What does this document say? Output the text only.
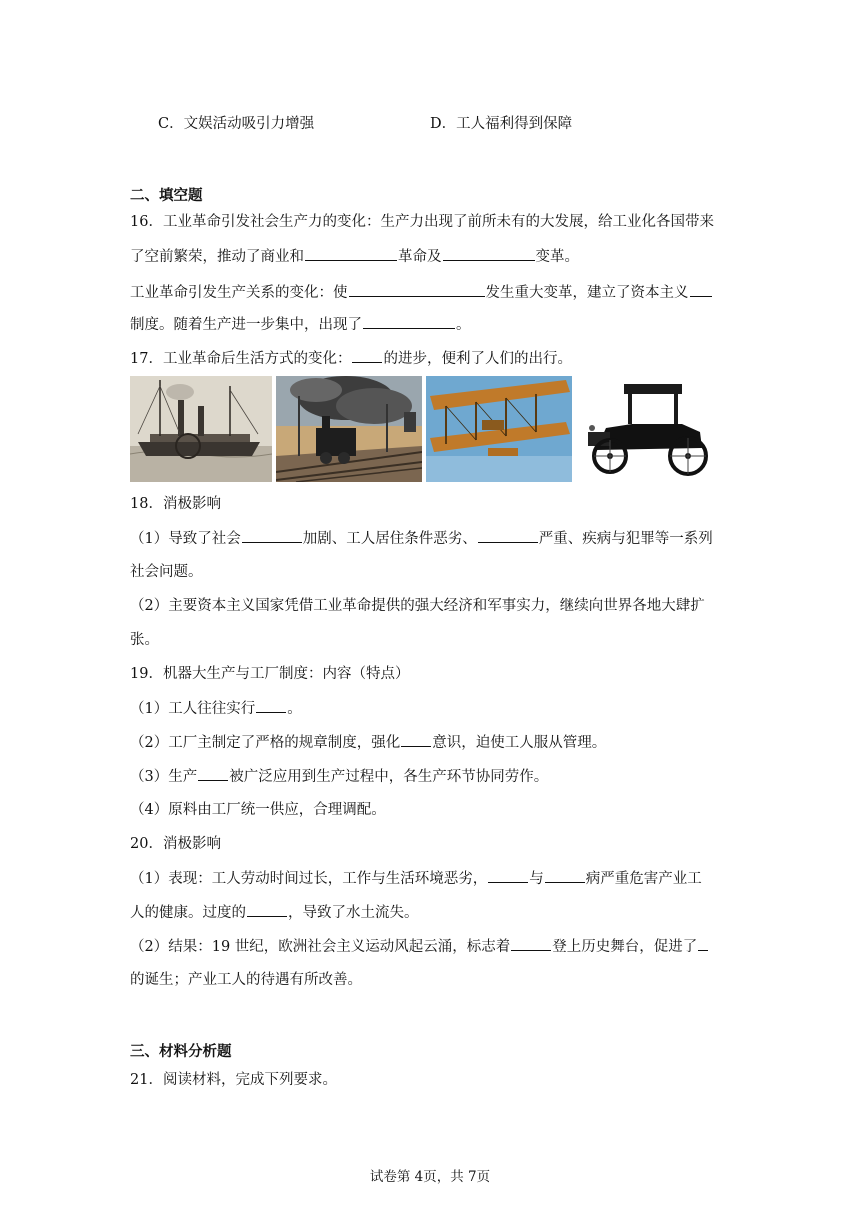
C．文娱活动吸引力增强	D．工人福利得到保障
二、填空题
16．工业革命引发社会生产力的变化：生产力出现了前所未有的大发展，给工业化各国带来
了空前繁荣，推动了商业和	革命及	变革。
工业革命引发生产关系的变化：使	发生重大变革，建立了资本主义
制度。随着生产进一步集中，出现了	。
17．工业革命后生活方式的变化： 的进步，便利了人们的出行。
18．消极影响
（1）导致了社会	加剧、工人居住条件恶劣、	严重、疾病与犯罪等一系列
社会问题。
（2）主要资本主义国家凭借工业革命提供的强大经济和军事实力，继续向世界各地大肆扩
张。
19．机器大生产与工厂制度：内容（特点）
（1）工人往往实行 。
（2）工厂主制定了严格的规章制度，强化 意识，迫使工人服从管理。
（3）生产 被广泛应用到生产过程中，各生产环节协同劳作。
（4）原料由工厂统一供应，合理调配。
20．消极影响
（1）表现：工人劳动时间过长，工作与生活环境恶劣，	与	病严重危害产业工
人的健康。过度的	，导致了水土流失。
（2）结果：19 世纪，欧洲社会主义运动风起云涌，标志着	登上历史舞台，促进了
的诞生；产业工人的待遇有所改善。
三、材料分析题
21．阅读材料，完成下列要求。
试卷第 4页，共 7页
